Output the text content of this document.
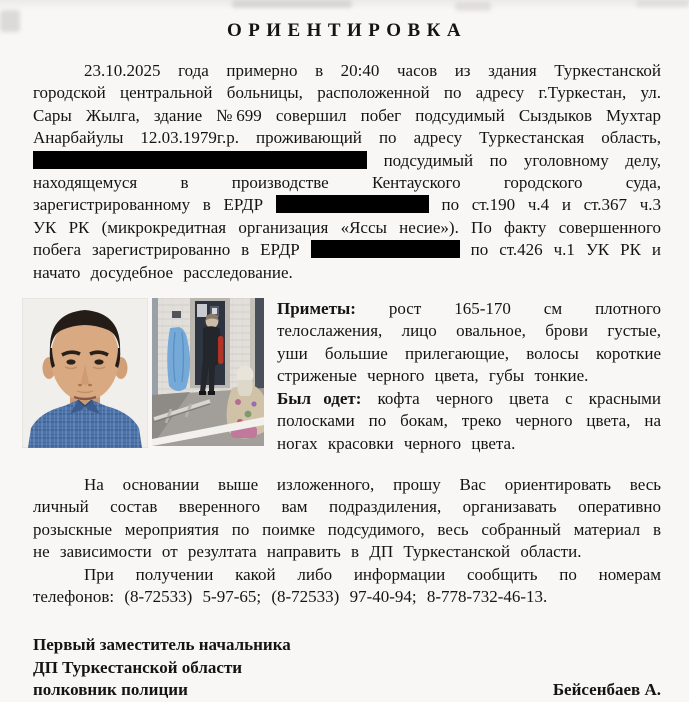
ОРИЕНТИРОВКА

23.10.2025 года примерно в 20:40 часов из здания Туркестанской городской центральной больницы, расположенной по адресу г.Туркестан, ул. Сары Жылга, здание №699 совершил побег подсудимый Сыздыков Мухтар Анарбайулы 12.03.1979г.р. проживающий по адресу Туркестанская область,  подсудимый по уголовному делу, находящемуся в производстве Кентауского городского суда, зарегистрированному в ЕРДР	по ст.190 ч.4 и ст.367 ч.3 УК РК (микрокредитная организация «Яссы несие»). По факту совершенного побега зарегистрированно в ЕРДР	по ст.426 ч.1 УК РК и начато досудебное расследование.

Приметы: рост 165-170 см плотного телослажения, лицо овальное, брови густые, уши большие прилегающие, волосы короткие стриженые черного цвета, губы тонкие.
Был одет: кофта черного цвета с красными полосками по бокам, треко черного цвета, на ногах красовки черного цвета.

На основании выше изложенного, прошу Вас ориентировать весь личный состав вверенного вам подраздиления, организавать оперативно розыскные мероприятия по поимке подсудимого, весь собранный материал в не зависимости от резултата направить в ДП Туркестанской области.

При получении какой либо информации сообщить по номерам телефонов: (8-72533) 5-97-65; (8-72533) 97-40-94; 8-778-732-46-13.

Первый заместитель начальника
ДП Туркестанской области
полковник полиции	Бейсенбаев А.
